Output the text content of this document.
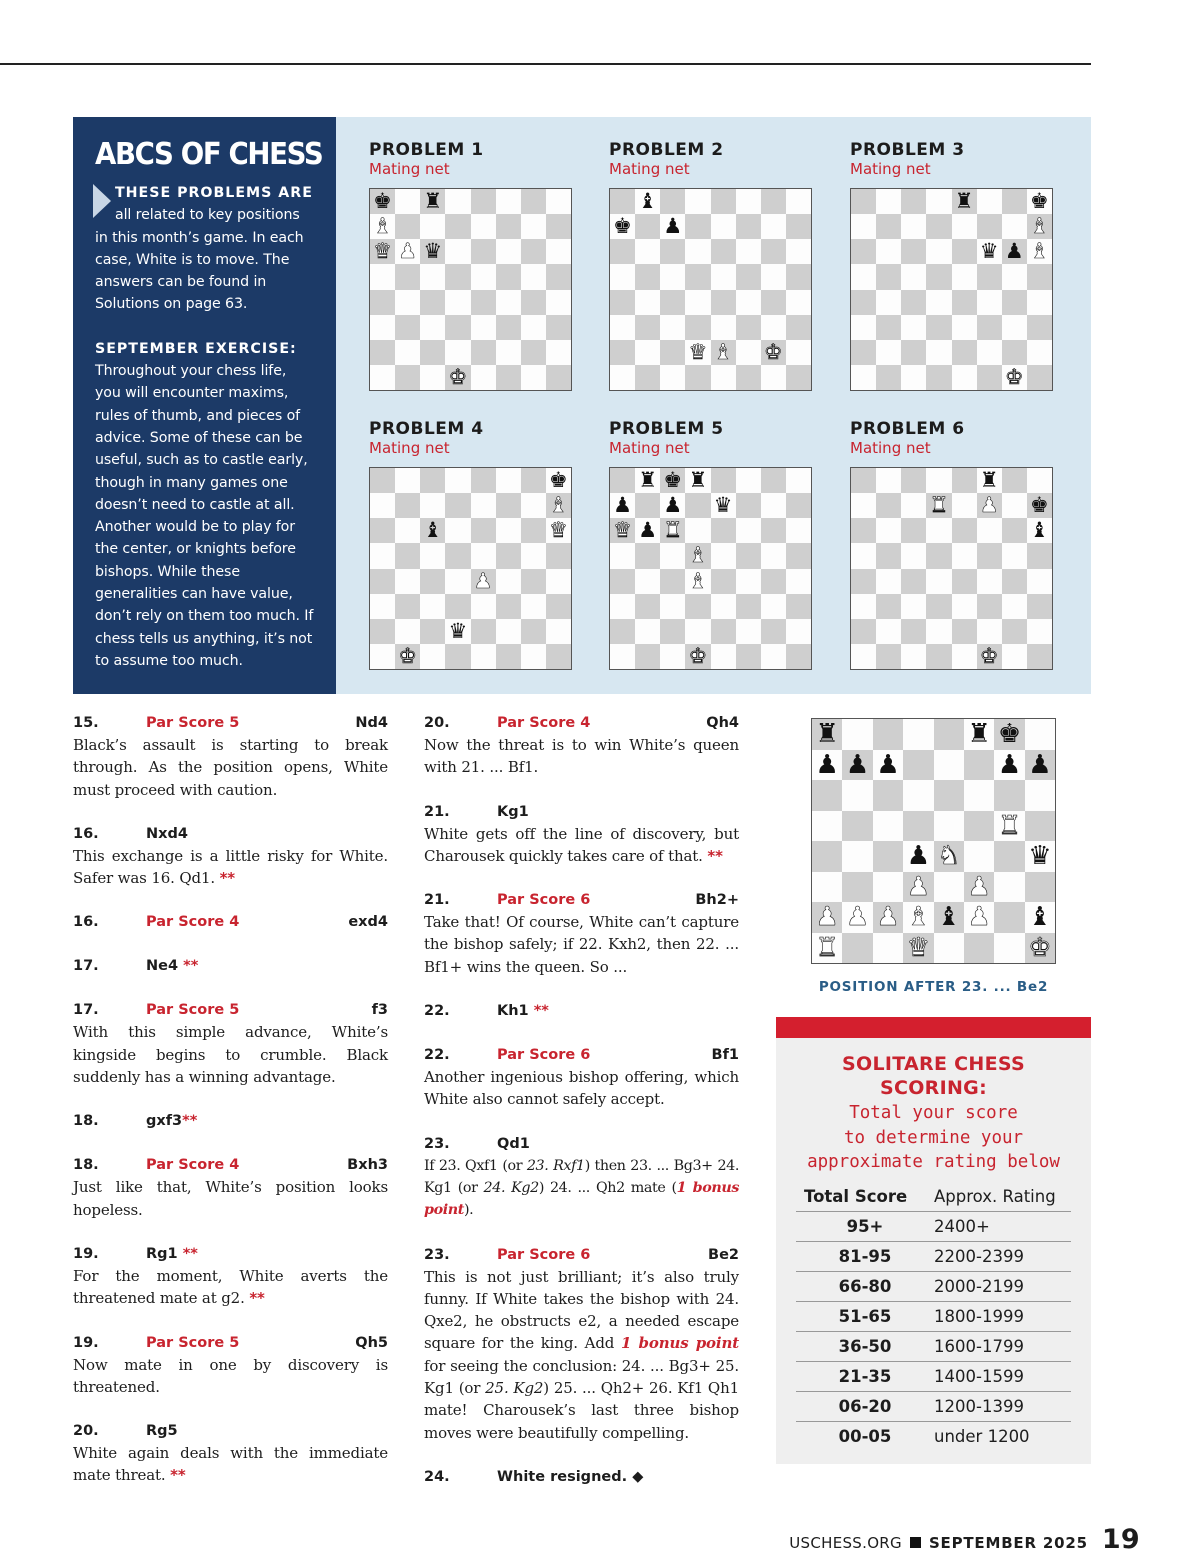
ABCS OF CHESS

THESE PROBLEMS ARE all related to key positions in this month’s game. In each case, White is to move. The answers can be found in Solutions on page 63.

SEPTEMBER EXERCISE: Throughout your chess life, you will encounter maxims, rules of thumb, and pieces of advice. Some of these can be useful, such as to castle early, though in many games one doesn’t need to castle at all. Another would be to play for the center, or knights before bishops. While these generalities can have value, don’t rely on them too much. If chess tells us anything, it’s not to assume too much.

PROBLEM 1
Mating net
♚ ♜
♝
♛ ♟ ♛
♚
PROBLEM 2
Mating net
♝
♚ ♟
♛ ♝ ♚
PROBLEM 3
Mating net
♜	♚
♝
♛ ♟ ♝
♚
PROBLEM 4
Mating net
♚
♝
♝	♛
♟
♛
♚
PROBLEM 5
Mating net
♜ ♚ ♜
♟ ♟ ♛
♛ ♟ ♜
♝
♝
♚
PROBLEM 6
Mating net
♜
♜ ♟ ♚
♝
♚
15.	Par Score 5	Nd4
Black’s assault is starting to break through. As the position opens, White must proceed with caution.
16.	Nxd4
This exchange is a little risky for White. Safer was 16. Qd1. **
16.	Par Score 4	exd4
17.	Ne4
**
17.	Par Score 5	f3
With this simple advance, White’s kingside begins to crumble. Black suddenly has a winning advantage.
18.	gxf3 **
18.	Par Score 4	Bxh3
Just like that, White’s position looks hopeless.
19.	Rg1
**
For the moment, White averts the threatened mate at g2. **
19.	Par Score 5	Qh5
Now mate in one by discovery is threatened.
20.	Rg5
White again deals with the immediate mate threat. **
20.	Par Score 4	Qh4
Now the threat is to win White’s queen with 21. ... Bf1.
21.	Kg1
White gets off the line of discovery, but Charousek quickly takes care of that. **
21.	Par Score 6	Bh2+
Take that! Of course, White can’t capture the bishop safely; if 22. Kxh2, then 22. ... Bf1+ wins the queen. So ...
22.	Kh1
**
22.	Par Score 6	Bf1
Another ingenious bishop offering, which White also cannot safely accept.
23.	Qd1
If 23. Qxf1 (or 23. Rxf1) then 23. ... Bg3+ 24. Kg1 (or 24. Kg2) 24. ... Qh2 mate (1 bonus point).
23.	Par Score 6	Be2
This is not just brilliant; it’s also truly funny. If White takes the bishop with 24. Qxe2, he obstructs e2, a needed escape square for the king. Add 1 bonus point for seeing the conclusion: 24. ... Bg3+ 25. Kg1 (or 25. Kg2) 25. ... Qh2+ 26. Kf1 Qh1 mate! Charousek’s last three bishop moves were beautifully compelling.
24.	White resigned.
◆
♜	♜ ♚
♟ ♟ ♟	♟ ♟
♜
♟ ♞	♛
♟ ♟
♟ ♟ ♟ ♝ ♝ ♟ ♝
♜	♛	♚
POSITION AFTER 23. ... Be2
SOLITARE CHESS
SCORING:
Total your score
to determine your
approximate rating below
Total Score	Approx. Rating
95+	2400+
81-95	2200-2399
66-80	2000-2199
51-65	1800-1999
36-50	1600-1799
21-35	1400-1599
06-20	1200-1399
00-05	under 1200
USCHESS.ORG SEPTEMBER 2025 19
